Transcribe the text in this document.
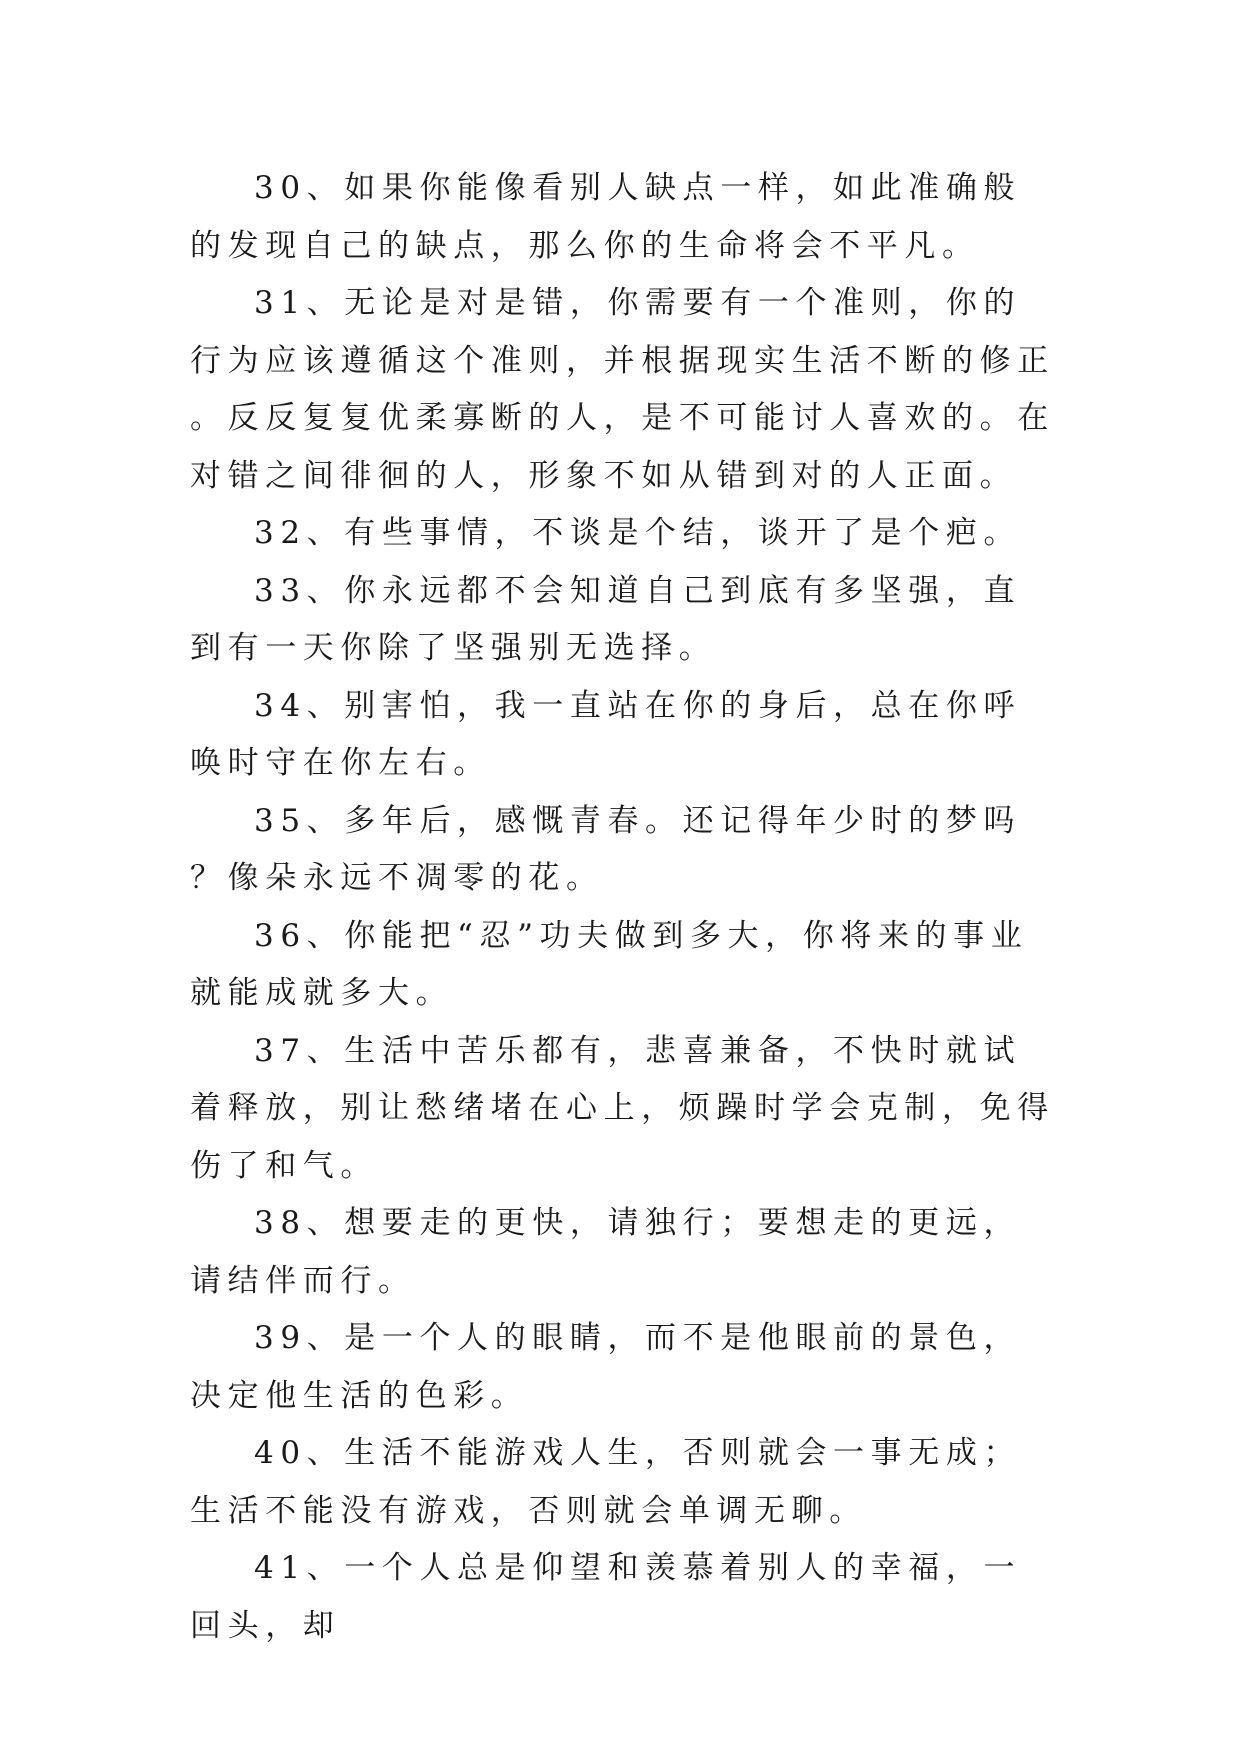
30、如果你能像看别人缺点一样，如此准确般的发现自己的缺点，那么你的生命将会不平凡。

31、无论是对是错，你需要有一个准则，你的行为应该遵循这个准则，并根据现实生活不断的修正。反反复复优柔寡断的人，是不可能讨人喜欢的。在对错之间徘徊的人，形象不如从错到对的人正面。

32、有些事情，不谈是个结，谈开了是个疤。

33、你永远都不会知道自己到底有多坚强，直到有一天你除了坚强别无选择。

34、别害怕，我一直站在你的身后，总在你呼唤时守在你左右。

35、多年后，感慨青春。还记得年少时的梦吗？像朵永远不凋零的花。

36、你能把“忍”功夫做到多大，你将来的事业就能成就多大。

37、生活中苦乐都有，悲喜兼备，不快时就试着释放，别让愁绪堵在心上，烦躁时学会克制，免得伤了和气。

38、想要走的更快，请独行；要想走的更远，请结伴而行。

39、是一个人的眼睛，而不是他眼前的景色，决定他生活的色彩。

40、生活不能游戏人生，否则就会一事无成；生活不能没有游戏，否则就会单调无聊。

41、一个人总是仰望和羡慕着别人的幸福，一回头，却
